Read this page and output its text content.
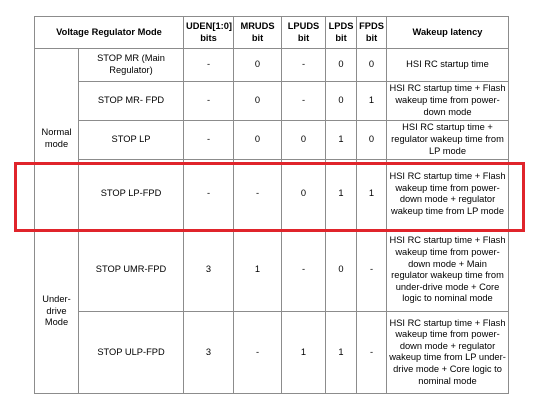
Voltage Regulator Mode		UDEN[1:0] bits	MRUDS bit	LPUDS bit	LPDS bit	FPDS bit	Wakeup latency
Normal mode	STOP MR (Main Regulator)	-	0	-	0	0	HSI RC startup time
	STOP MR- FPD	-	0	-	0	1	HSI RC startup time + Flash wakeup time from power-down mode
	STOP LP	-	0	0	1	0	HSI RC startup time + regulator wakeup time from LP mode
	STOP LP-FPD	-	-	0	1	1	HSI RC startup time + Flash wakeup time from power-down mode + regulator wakeup time from LP mode
Under-drive Mode	STOP UMR-FPD	3	1	-	0	-	HSI RC startup time + Flash wakeup time from power-down mode + Main regulator wakeup time from under-drive mode + Core logic to nominal mode
	STOP ULP-FPD	3	-	1	1	-	HSI RC startup time + Flash wakeup time from power-down mode + regulator wakeup time from LP under-drive mode + Core logic to nominal mode
